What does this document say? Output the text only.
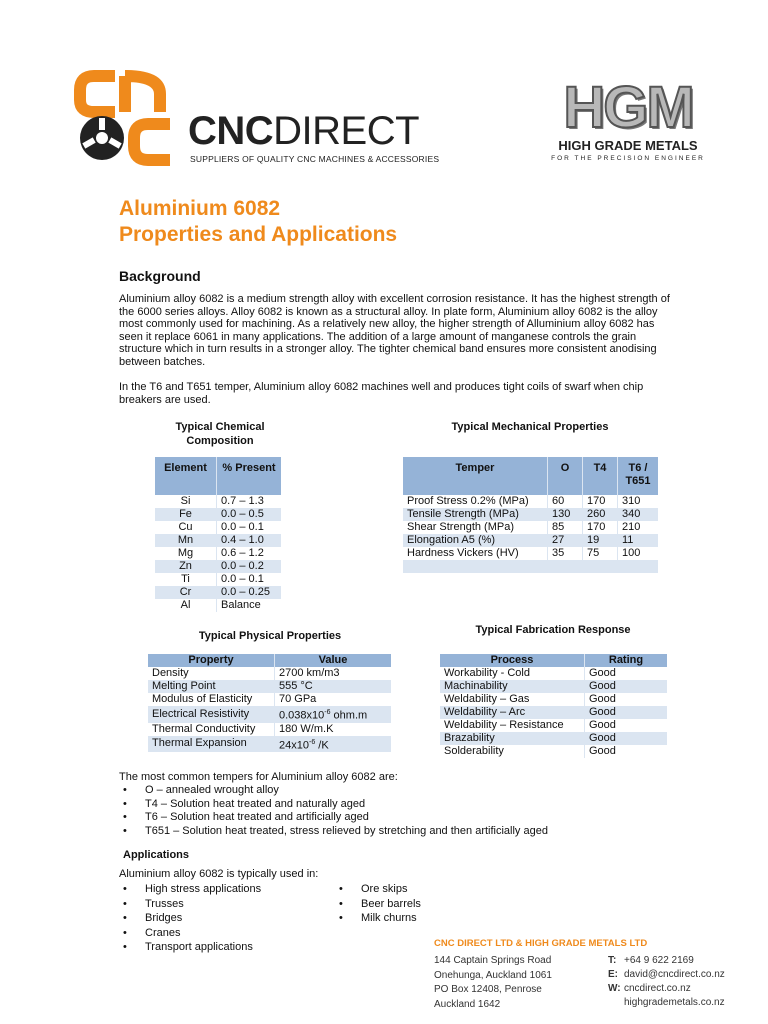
CNCDIRECT
SUPPLIERS OF QUALITY CNC MACHINES & ACCESSORIES
HGM
HIGH GRADE METALS
FOR THE PRECISION ENGINEER
Aluminium 6082
Properties and Applications
Background
Aluminium alloy 6082 is a medium strength alloy with excellent corrosion resistance. It has the highest strength of the 6000 series alloys. Alloy 6082 is known as a structural alloy. In plate form, Aluminium alloy 6082 is the alloy most commonly used for machining. As a relatively new alloy, the higher strength of Alluminium alloy 6082 has seen it replace 6061 in many applications. The addition of a large amount of manganese controls the grain structure which in turn results in a stronger alloy. The tighter chemical band ensures more consistent anodising between batches.
In the T6 and T651 temper, Aluminium alloy 6082 machines well and produces tight coils of swarf when chip breakers are used.
Typical Chemical Composition
Element	% Present
Si	0.7 – 1.3
Fe	0.0 – 0.5
Cu	0.0 – 0.1
Mn	0.4 – 1.0
Mg	0.6 – 1.2
Zn	0.0 – 0.2
Ti	0.0 – 0.1
Cr	0.0 – 0.25
Al	Balance
Typical Mechanical Properties
Temper	O	T4	T6 / T651
Proof Stress 0.2% (MPa)	60	170	310
Tensile Strength (MPa)	130	260	340
Shear Strength (MPa)	85	170	210
Elongation A5 (%)	27	19	11
Hardness Vickers (HV)	35	75	100

Typical Physical Properties
Property	Value
Density	2700 km/m3
Melting Point	555 °C
Modulus of Elasticity	70 GPa
Electrical Resistivity	$0.038x10^{-6}$ ohm.m
Thermal Conductivity	180 W/m.K
Thermal Expansion	$24x10^{-6}$ /K
Typical Fabrication Response
Process	Rating
Workability - Cold	Good
Machinability	Good
Weldability – Gas	Good
Weldability – Arc	Good
Weldability – Resistance	Good
Brazability	Good
Solderability	Good
The most common tempers for Aluminium alloy 6082 are:
• O – annealed wrought alloy
• T4 – Solution heat treated and naturally aged
• T6 – Solution heat treated and artificially aged
• T651 – Solution heat treated, stress relieved by stretching and then artificially aged
Applications
Aluminium alloy 6082 is typically used in:
• High stress applications
• Trusses
• Bridges
• Cranes
• Transport applications
• Ore skips
• Beer barrels
• Milk churns
CNC DIRECT LTD & HIGH GRADE METALS LTD
144 Captain Springs Road
Onehunga, Auckland 1061
PO Box 12408, Penrose
Auckland 1642
T: +64 9 622 2169
E: david@cncdirect.co.nz
W: cncdirect.co.nz
highgrademetals.co.nz
